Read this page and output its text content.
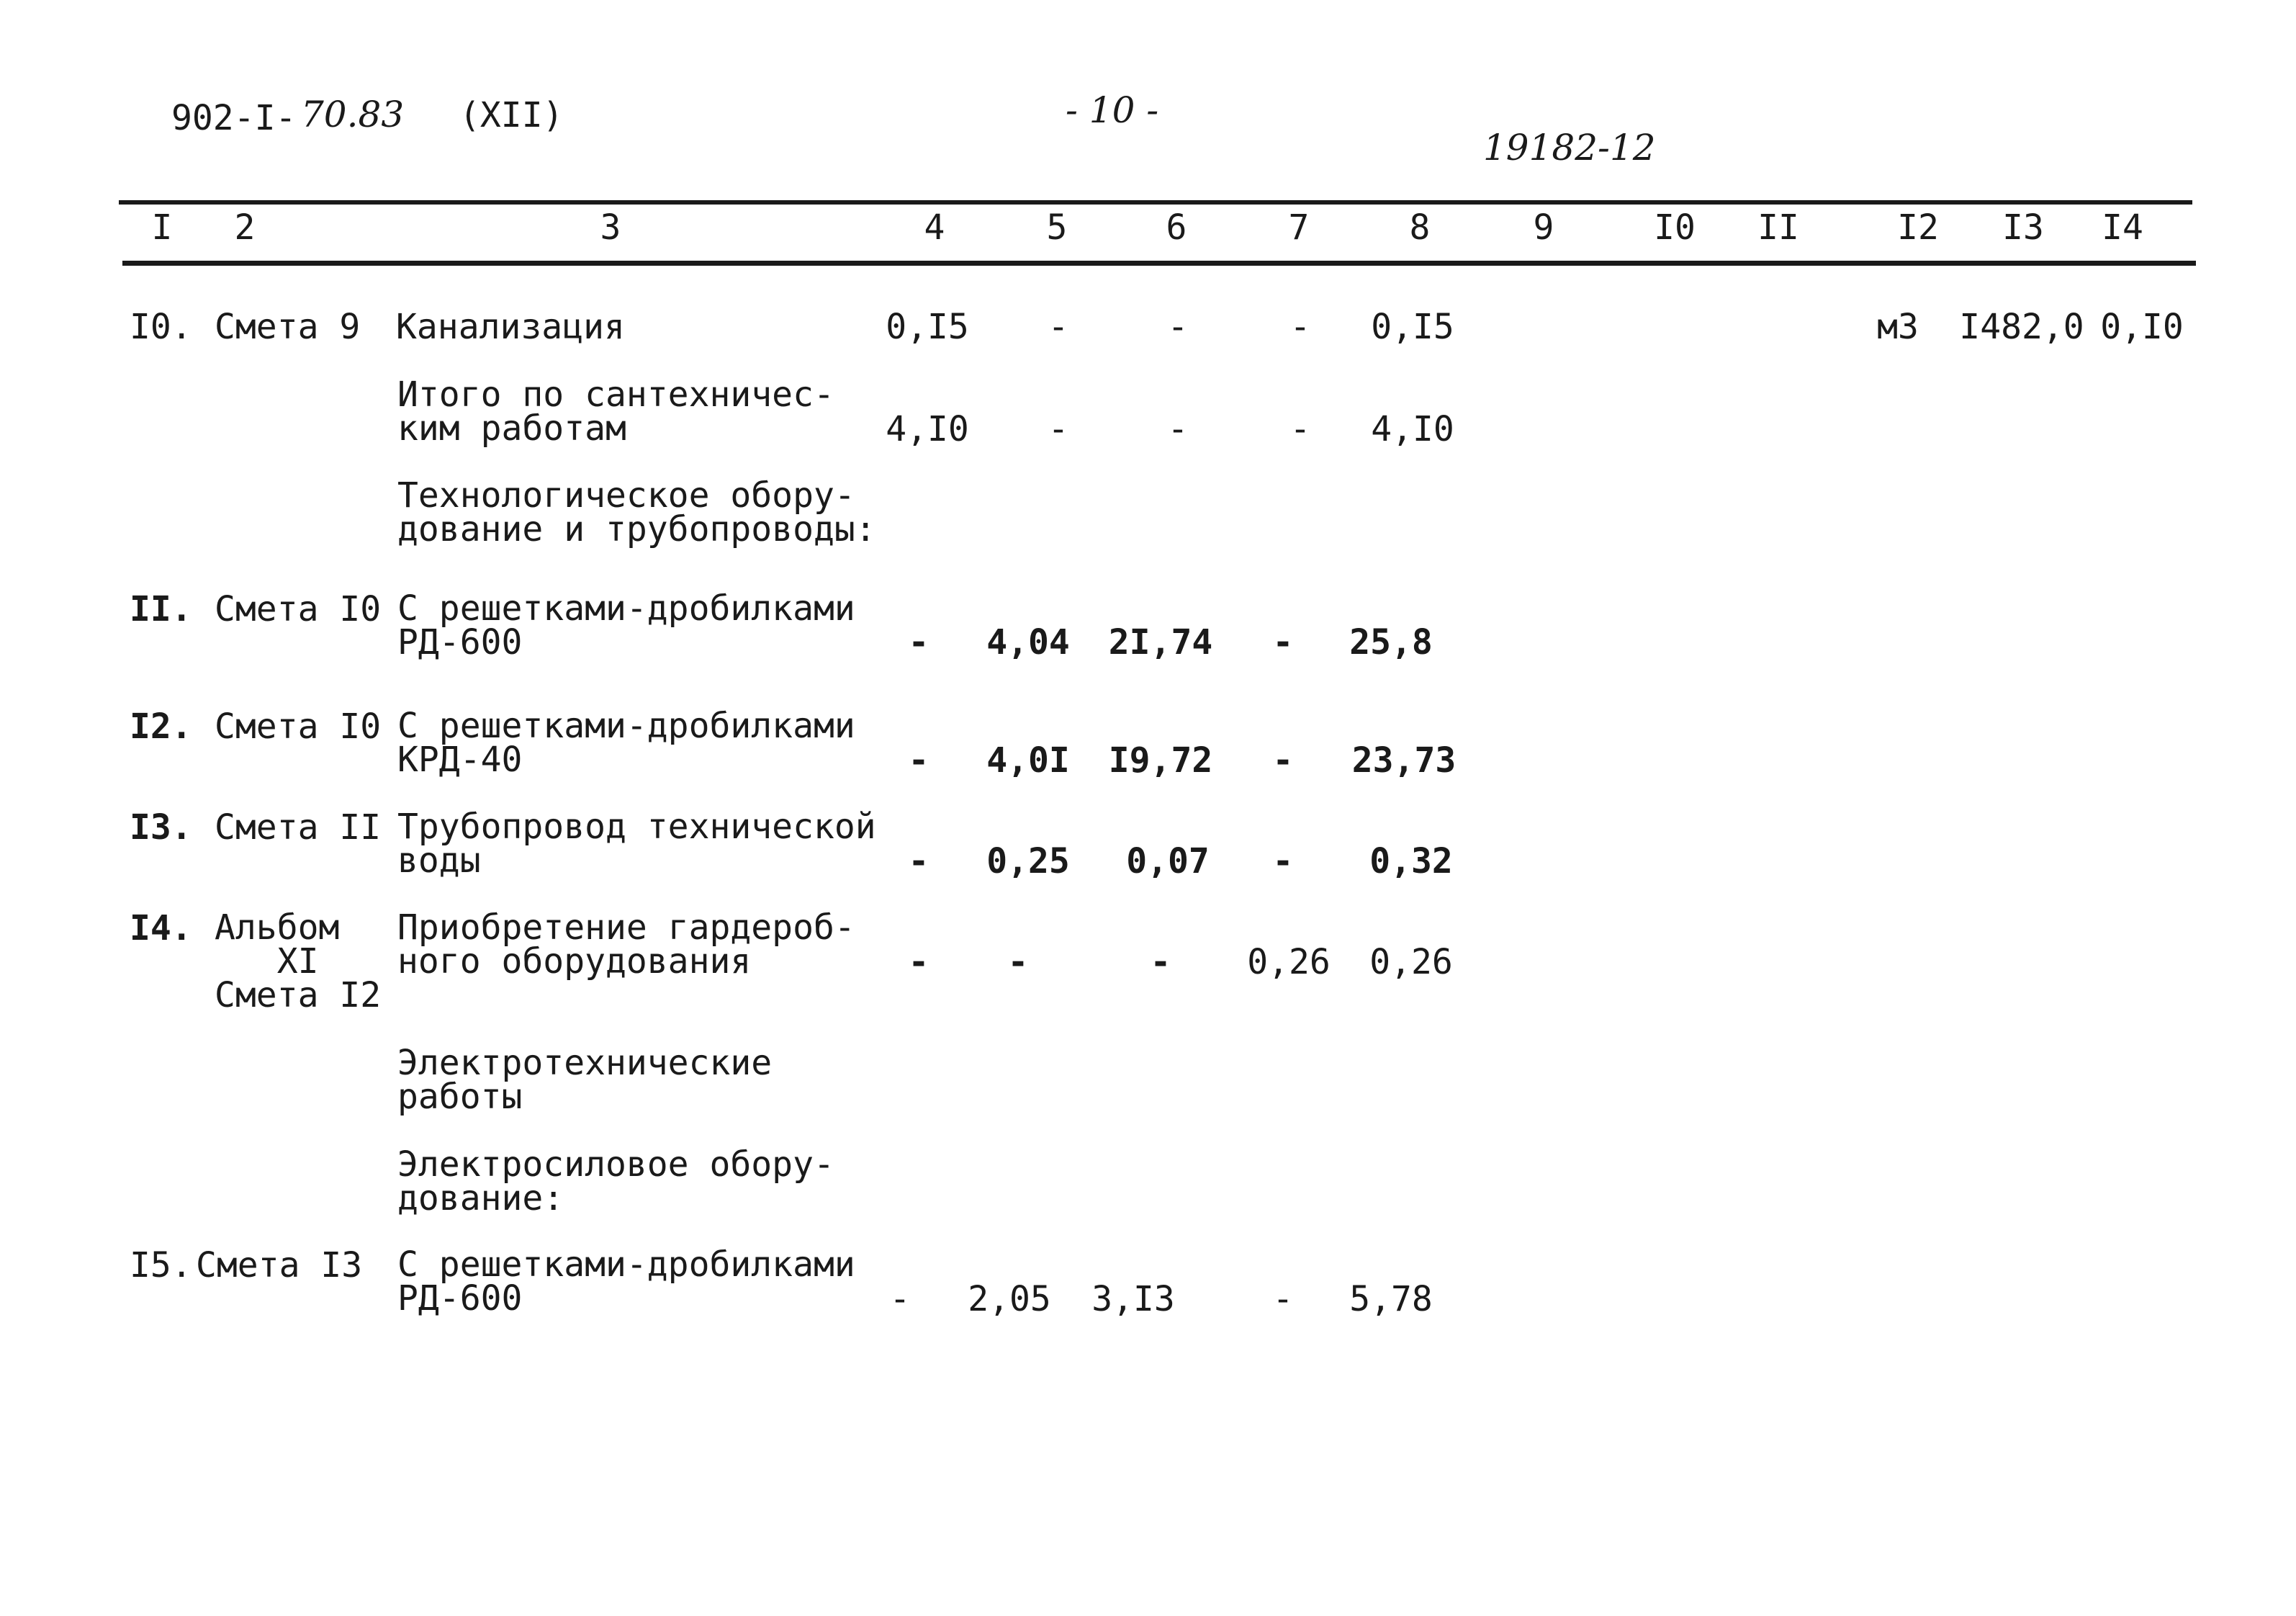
902-I- 70.83 (XII)	- 10 -
19182-12
I 2	3	4	5	6	7	8	9	I0 II	I2 I3 I4
I0. Смета 9 Канализация	0,I5 -	-	- 0,I5	м3 I482,0 0,I0
Итого по сантехничес-
ким работам	4,I0 -	-	- 4,I0
Технологическое обору-
дование и трубопроводы:
II. Смета I0 С решетками-дробилками
РД-600	- 4,04 2I,74 - 25,8
I2. Смета I0 С решетками-дробилками
КРД-40	- 4,0I I9,72 - 23,73
I3. Смета II Трубопровод технической
воды	- 0,25 0,07 - 0,32
I4. Альбом
XI
Смета I2
Приобретение гардероб-
ного оборудования	- -	- 0,26 0,26
Электротехнические
работы
Электросиловое обору-
дование:
I5. Смета I3 С решетками-дробилками
РД-600	- 2,05 3,I3	- 5,78
